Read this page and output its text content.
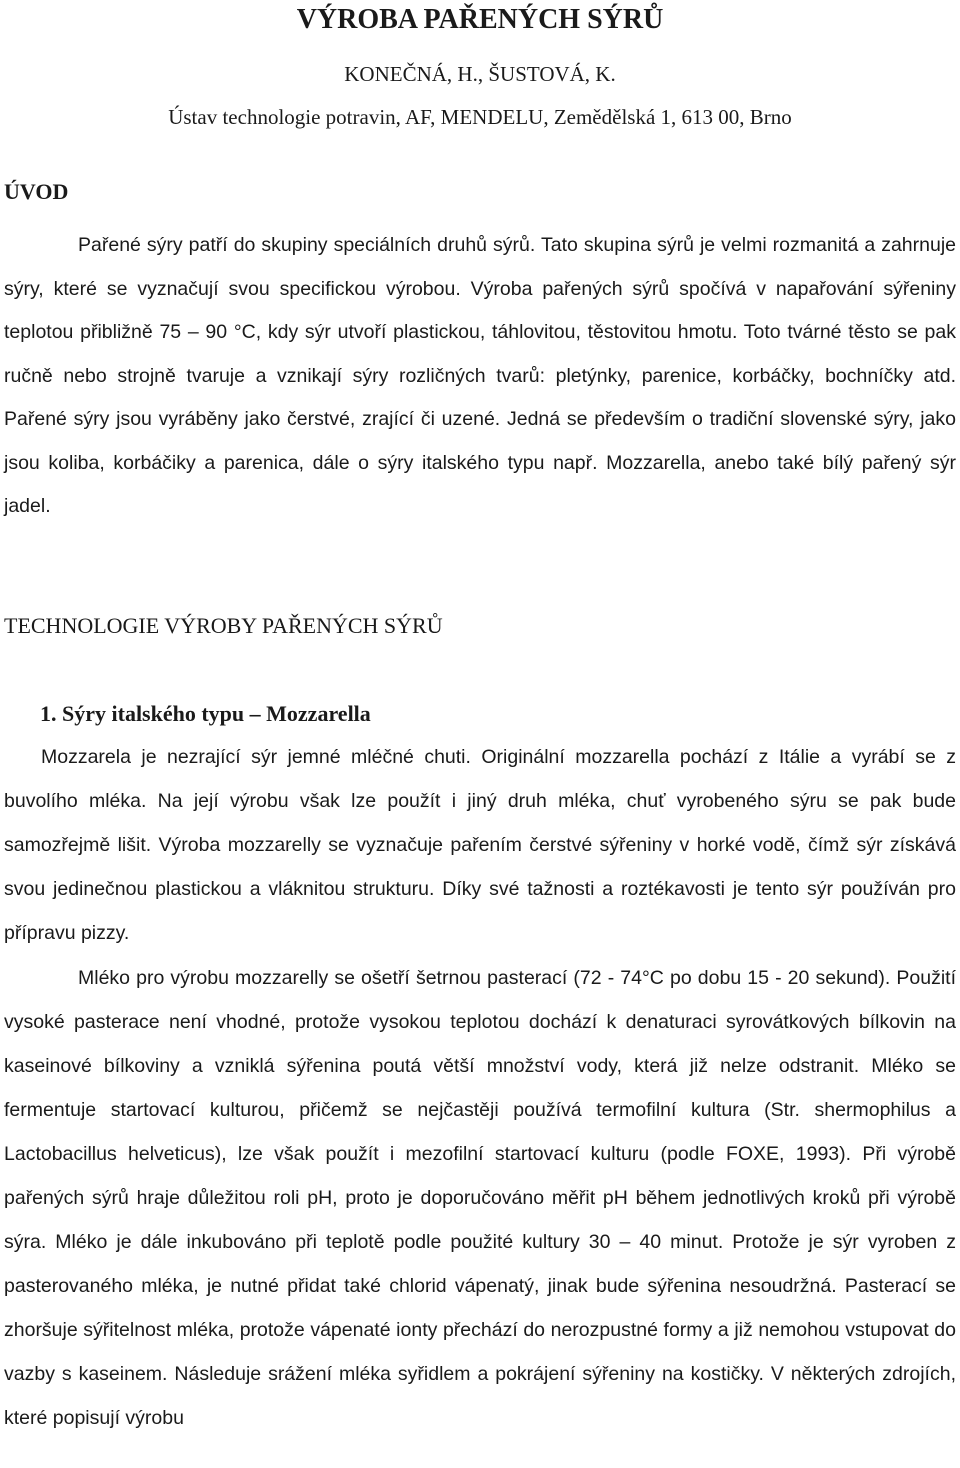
VÝROBA PAŘENÝCH SÝRŮ
KONEČNÁ, H., ŠUSTOVÁ, K.
Ústav technologie potravin, AF, MENDELU, Zemědělská 1, 613 00, Brno
ÚVOD
Pařené sýry patří do skupiny speciálních druhů sýrů. Tato skupina sýrů je velmi rozmanitá a zahrnuje sýry, které se vyznačují svou specifickou výrobou. Výroba pařených sýrů spočívá v napařování sýřeniny teplotou přibližně 75 – 90 °C, kdy sýr utvoří plastickou, táhlovitou, těstovitou hmotu. Toto tvárné těsto se pak ručně nebo strojně tvaruje a vznikají sýry rozličných tvarů: pletýnky, parenice, korbáčky, bochníčky atd. Pařené sýry jsou vyráběny jako čerstvé, zrající či uzené. Jedná se především o tradiční slovenské sýry, jako jsou koliba, korbáčiky a parenica, dále o sýry italského typu např. Mozzarella, anebo také bílý pařený sýr jadel.
TECHNOLOGIE VÝROBY PAŘENÝCH SÝRŮ
1. Sýry italského typu – Mozzarella
Mozzarela je nezrající sýr jemné mléčné chuti. Originální mozzarella pochází z Itálie a vyrábí se z buvolího mléka. Na její výrobu však lze použít i jiný druh mléka, chuť vyrobeného sýru se pak bude samozřejmě lišit. Výroba mozzarelly se vyznačuje pařením čerstvé sýřeniny v horké vodě, čímž sýr získává svou jedinečnou plastickou a vláknitou strukturu. Díky své tažnosti a roztékavosti je tento sýr používán pro přípravu pizzy.
Mléko pro výrobu mozzarelly se ošetří šetrnou pasterací (72 - 74°C po dobu 15 - 20 sekund). Použití vysoké pasterace není vhodné, protože vysokou teplotou dochází k denaturaci syrovátkových bílkovin na kaseinové bílkoviny a vzniklá sýřenina poutá větší množství vody, která již nelze odstranit. Mléko se fermentuje startovací kulturou, přičemž se nejčastěji používá termofilní kultura (Str. shermophilus a Lactobacillus helveticus), lze však použít i mezofilní startovací kulturu (podle FOXE, 1993). Při výrobě pařených sýrů hraje důležitou roli pH, proto je doporučováno měřit pH během jednotlivých kroků při výrobě sýra. Mléko je dále inkubováno při teplotě podle použité kultury 30 – 40 minut. Protože je sýr vyroben z pasterovaného mléka, je nutné přidat také chlorid vápenatý, jinak bude sýřenina nesoudržná. Pasterací se zhoršuje sýřitelnost mléka, protože vápenaté ionty přechází do nerozpustné formy a již nemohou vstupovat do vazby s kaseinem. Následuje srážení mléka syřidlem a pokrájení sýřeniny na kostičky. V některých zdrojích, které popisují výrobu
